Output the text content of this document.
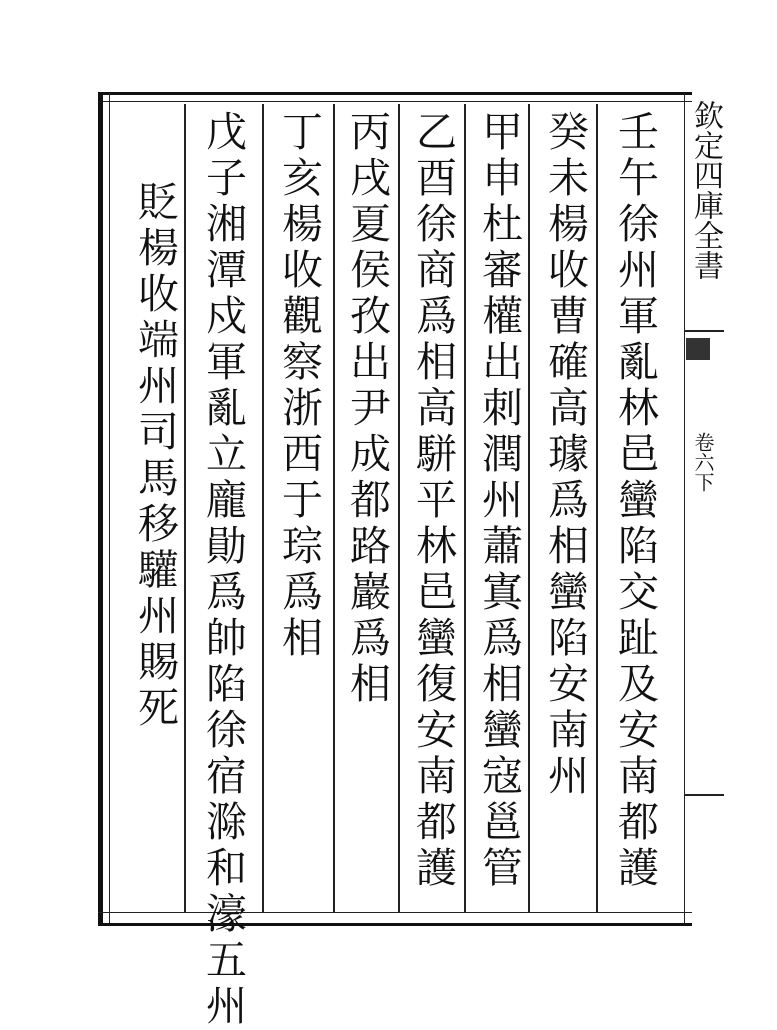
壬午徐州軍亂林邑蠻陷交趾及安南都護
癸未楊收曹確高璩爲相蠻陷安南州
甲申杜審權出刺潤州蕭寘爲相蠻寇邕管
乙酉徐商爲相高駢平林邑蠻復安南都護
丙戌夏侯孜出尹成都路巖爲相
丁亥楊收觀察浙西于琮爲相
戊子湘潭戍軍亂立龐勛爲帥陷徐宿滁和濠五州
貶楊收端州司馬移驩州賜死	欽定四庫全書
卷六下
